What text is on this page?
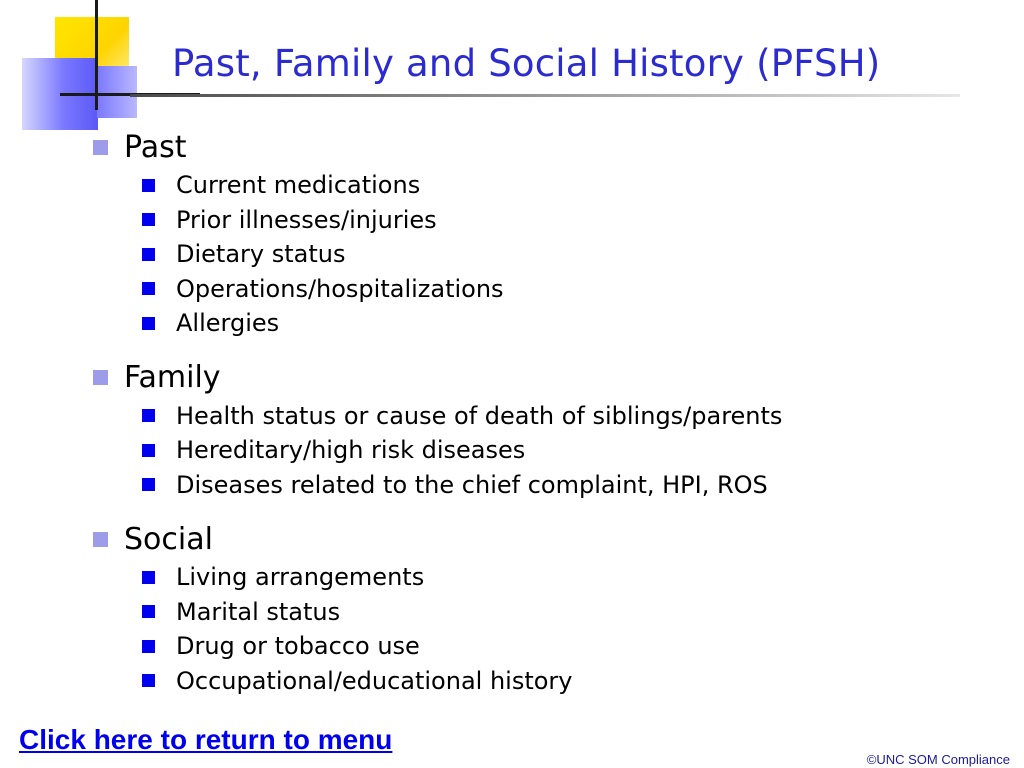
Past, Family and Social History (PFSH)
Past
Current medications
Prior illnesses/injuries
Dietary status
Operations/hospitalizations
Allergies
Family
Health status or cause of death of siblings/parents
Hereditary/high risk diseases
Diseases related to the chief complaint, HPI, ROS
Social
Living arrangements
Marital status
Drug or tobacco use
Occupational/educational history
Click here to return to menu
©UNC SOM Compliance
